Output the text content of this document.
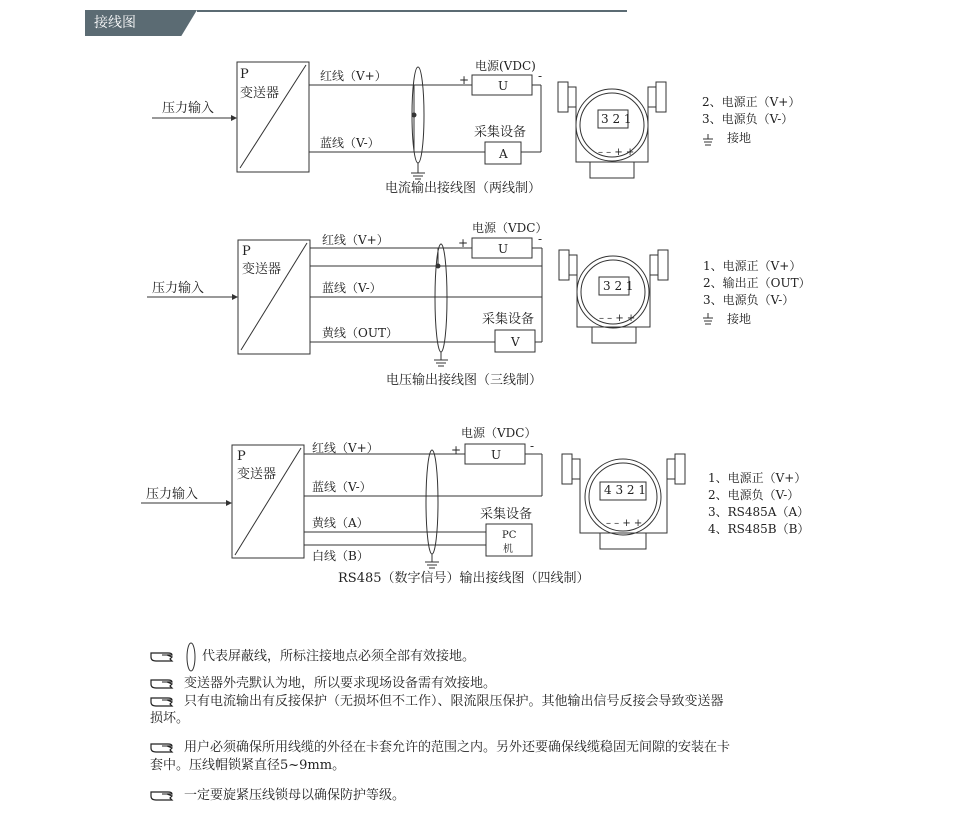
接线图
P
变送器
压力输入
红线（V+）
蓝线（V-）
电源(VDC)
+	-
U
采集设备
A
电流输出接线图（两线制）
3 2 1
– – + +
2、电源正（V+）
3、电源负（V-）
接地
P
变送器
压力输入
红线（V+）
蓝线（V-）
黄线（OUT）
电源（VDC）
+	-
U
采集设备
V
电压输出接线图（三线制）
3 2 1
– – + +
1、电源正（V+）
2、输出正（OUT）
3、电源负（V-）
接地
P
变送器
压力输入
红线（V+）
蓝线（V-）
黄线（A）
白线（B）
电源（VDC）
+	-
U
采集设备
PC
机
RS485（数字信号）输出接线图（四线制）
4 3 2 1
– – + +
1、电源正（V+）
2、电源负（V-）
3、RS485A（A）
4、RS485B（B）
代表屏蔽线，所标注接地点必须全部有效接地。
变送器外壳默认为地，所以要求现场设备需有效接地。
只有电流输出有反接保护（无损坏但不工作）、限流限压保护。其他输出信号反接会导致变送器
损坏。
用户必须确保所用线缆的外径在卡套允许的范围之内。另外还要确保线缆稳固无间隙的安装在卡
套中。压线帽锁紧直径5~9mm。
一定要旋紧压线锁母以确保防护等级。
